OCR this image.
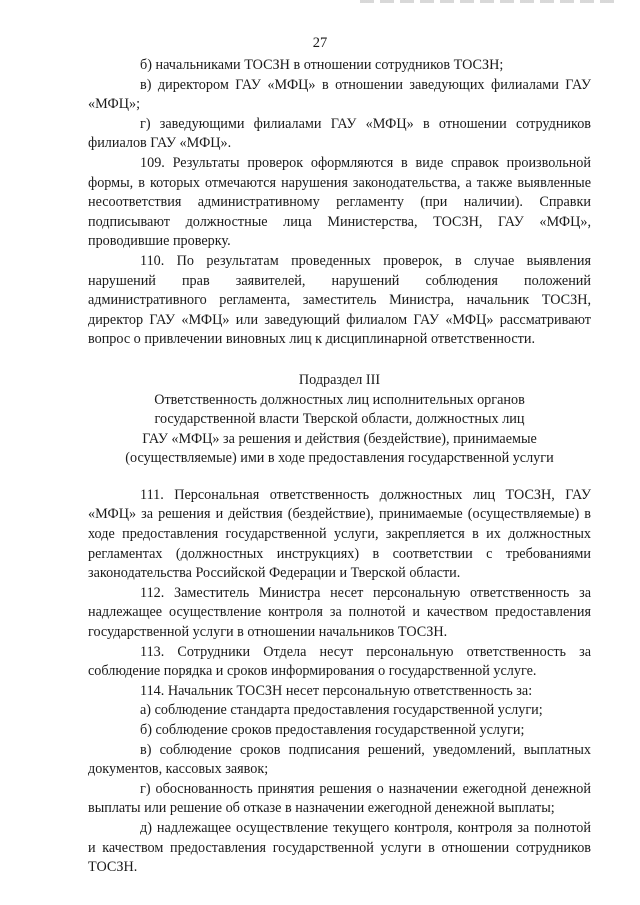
27

б) начальниками ТОСЗН в отношении сотрудников ТОСЗН;

в) директором ГАУ «МФЦ» в отношении заведующих филиалами ГАУ «МФЦ»;

г) заведующими филиалами ГАУ «МФЦ» в отношении сотрудников филиалов ГАУ «МФЦ».

109. Результаты проверок оформляются в виде справок произвольной формы, в которых отмечаются нарушения законодательства, а также выявленные несоответствия административному регламенту (при наличии). Справки подписывают должностные лица Министерства, ТОСЗН, ГАУ «МФЦ», проводившие проверку.

110. По результатам проведенных проверок, в случае выявления нарушений прав заявителей, нарушений соблюдения положений административного регламента, заместитель Министра, начальник ТОСЗН, директор ГАУ «МФЦ» или заведующий филиалом ГАУ «МФЦ» рассматривают вопрос о привлечении виновных лиц к дисциплинарной ответственности.

Подраздел III

Ответственность должностных лиц исполнительных органов

государственной власти Тверской области, должностных лиц

ГАУ «МФЦ» за решения и действия (бездействие), принимаемые

(осуществляемые) ими в ходе предоставления государственной услуги

111. Персональная ответственность должностных лиц ТОСЗН, ГАУ «МФЦ» за решения и действия (бездействие), принимаемые (осуществляемые) в ходе предоставления государственной услуги, закрепляется в их должностных регламентах (должностных инструкциях) в соответствии с требованиями законодательства Российской Федерации и Тверской области.

112. Заместитель Министра несет персональную ответственность за надлежащее осуществление контроля за полнотой и качеством предоставления государственной услуги в отношении начальников ТОСЗН.

113. Сотрудники Отдела несут персональную ответственность за соблюдение порядка и сроков информирования о государственной услуге.

114. Начальник ТОСЗН несет персональную ответственность за:

а) соблюдение стандарта предоставления государственной услуги;

б) соблюдение сроков предоставления государственной услуги;

в) соблюдение сроков подписания решений, уведомлений, выплатных документов, кассовых заявок;

г) обоснованность принятия решения о назначении ежегодной денежной выплаты или решение об отказе в назначении ежегодной денежной выплаты;

д) надлежащее осуществление текущего контроля, контроля за полнотой и качеством предоставления государственной услуги в отношении сотрудников ТОСЗН.
